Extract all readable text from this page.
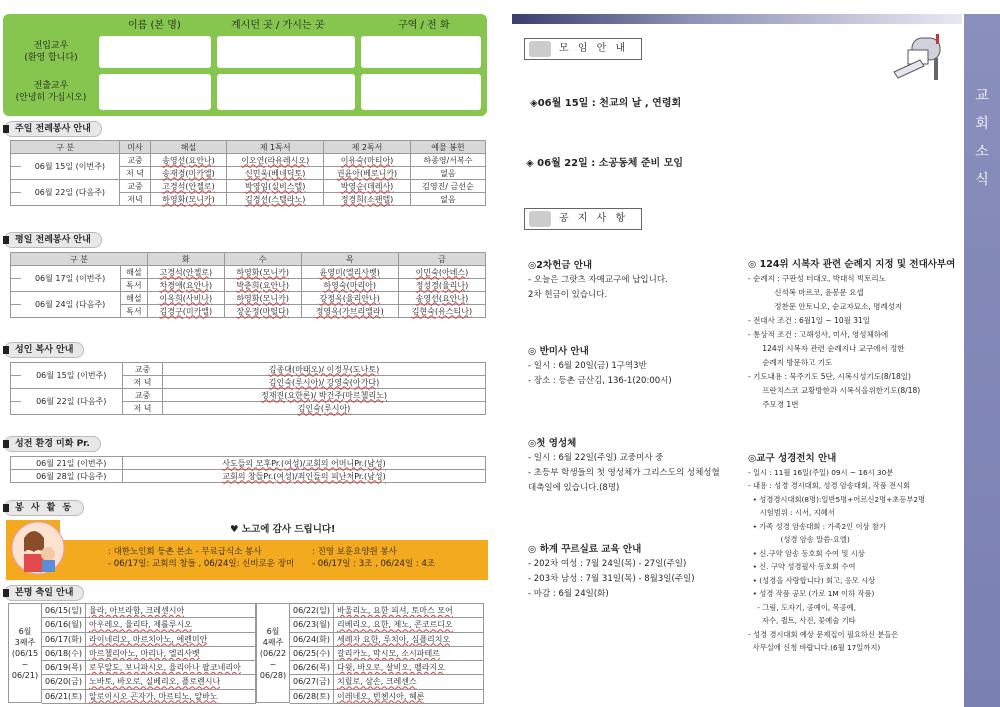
이름 (본 명)	계시던 곳 / 가시는 곳	구역 / 전 화
전입교우
(환영 합니다)
전출교우
(안녕히 가십시오)
주일 전례봉사 안내
구 분		미사	해설	제 1독서	제 2독서	예물 봉헌
	06월 15일 (이번주)	교중	송영선(요안나)	이오연(라유레시오)	이유숙(마티아)	하종영/서복수
		저 녁	송재경(미카엘)	신민욱(베네딕토)	권윤아(베로니카)	없음
	06월 22일 (다음주)	교중	고경석(안젤로)	박영임(실비스텔)	박영순(데레사)	김영진/ 금선순
		저녁	하영화(모니카)	김경선(스텔라노)	정경희(소팬텔)	없음
평일 전례봉사 안내
구 분			화	수	목	금
	06월 17일 (이번주)	해설	고경석(안젤로)	하영화(모니카)	윤영미(엘리사벳)	이민숙(아녜스)
		독서	차경애(요안나)	박춘희(요안나)	하영숙(마리아)	정성경(율리나)
	06월 24일 (다음주)	해설	이옥희(사비나)	하영화(모니카)	강정옥(율리안나)	송영선(요안나)
		독서	김경구(미카엘)	장운정(마틸다)	정영옥(가브리엘라)	김현숙(유스티나)
성인 복사 안내
	06월 15일 (이번주)	교중	김종대(마태오)/ 이정무(도나토)
		저 녁	김인숙(루시아)/ 강영숙(아가다)
	06월 22일 (다음주)	교중	정재진(요한론)/ 박건주(마르첼리노)
		저 녁	김인숙(루시아)
성전 환경 미화 Pr.
	06월 21일 (이번주)	사도들의 모후Pr.(여성)/교회의 어머니Pr.(남성)
	06월 28일 (다음주)	교회의 창들Pr.(여성)/죄인들의 피난처Pr.(남성)
봉 사 활 동
♥ 노고에 감사 드립니다!
: 대한노인회 등촌 본소 - 무료급식소 봉사
- 06/17일: 교회의 창들 , 06/24일: 신비로운 장미
: 진영 보훈요양원 봉사
- 06/17일 : 3조 , 06/24일 : 4조
본명 축일 안내
6월
3째주
(06/15
~
06/21)
06/15(일) 율라, 아브라함, 크레센시아
06/16(월) 아우레오, 율리타, 제롤루시오
06/17(화) 라이네리오, 마르치아노, 에렌미안
06/18(수) 마르첼리아노, 마리나, 엘리사벳
06/19(목) 로무알도, 보니파시오, 율리아나 팔코네리아
06/20(금) 노바토, 바오로, 실베리오, 플로렌시나
06/21(토) 알로이시오 곤자가, 마르티노, 알바노
6월
4째주
(06/22
~
06/28)
06/22(일) 바울리노, 요한 피셔, 토마스 모어
06/23(월) 리베리오, 요한, 제노, 콘코르디오
06/24(화) 세례자 요한, 루치아, 심플리치오
06/25(수) 갈리카노, 막시모, 소시파테르
06/26(목) 다윗, 바오로, 살비오, 펠라지오
06/27(금) 치릴로, 삼손, 크레센스
06/28(토) 이레네오, 빈첸시아, 헤론
교
회
소
식
모 임 안 내
◈06월 15일 : 천교의 날 , 연령회
◈ 06월 22일 : 소공동체 준비 모임
공 지 사 항
◎2차헌금 안내
- 오늘은 그랏츠 자매교구에 납입니다.
2차 헌금이 있습니다.
◎ 반미사 안내
- 일시 : 6월 20일(금) 1구역3반
- 장소 : 등촌 금산김, 136-1(20:00시)
◎첫 영성체
- 일시 : 6월 22일(주일) 교중미사 중
- 초등부 학생들의 첫 영성체가 그리스도의 성체성혈
대축일에 있습니다.(8명)
◎ 하계 꾸르실료 교육 안내
- 202차 여성 : 7월 24일(목) - 27일(주일)
- 203차 남성 : 7월 31일(목) - 8월3일(주일)
- 마감 : 6월 24일(화)
◎ 124위 시복자 관련 순례지 지정 및 전대사부여
- 순례지 : 구판성 터대오, 박대식 빅토리노
신석복 마르코, 윤봉문 요셉
정찬문 안토니오, 순교자묘소, 명례성지
- 전대사 조건 : 6월1일 ~ 10월 31일
- 통상적 조건 : 고해성사, 미사, 영성체하에
124위 시복자 관련 순례지나 교구에서 정한
순례지 방문하고 기도
- 기도내용 : 묵주기도 5단, 시복시성기도(8/18일)
프란치스코 교황방한과 시복식을위한기도(8/18)
주모경 1번
◎교구 성경전치 안내
- 일시 : 11월 16일(주일) 09시 ~ 16시 30분
- 내용 : 성경 경시대회, 성경 암송대회, 작품 전시회
• 성경경시대회(8명):일반5명+어르신2명+초등부2명
시험범위 : 시서, 지혜서
• 가족 성경 암송대회 : 가족2인 이상 참가
(성경 암송 말씀-요엘)
• 신.구약 암송 동호회 수여 및 시상
• 신. 구약 성경필사 동호회 수여
• (성경을 사랑합니다) 회고, 응모 시상
• 성경 작품 공모 (가로 1M 이하 작품)
- 그림, 도자기, 공예이, 목공예,
자수, 퀼트, 사진, 꽃예술 기타
- 성경 경시대회 예상 문제집이 필요하신 분들은
사무실에 신청 바랍니다.(6월 17일까지)
